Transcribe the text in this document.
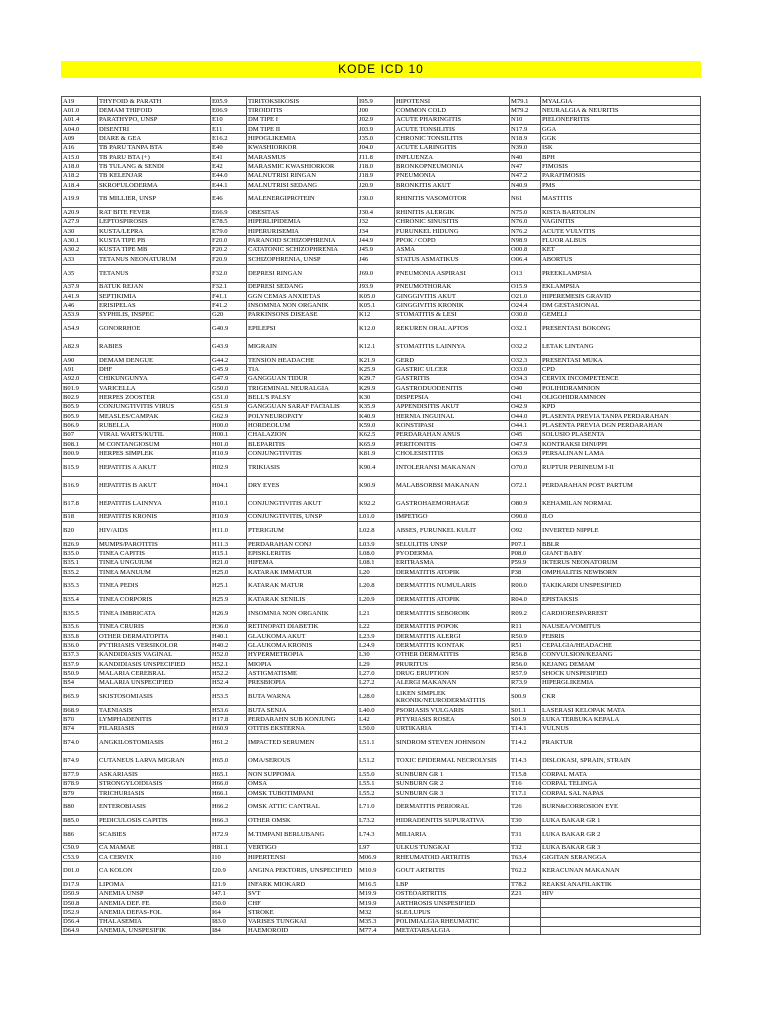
KODE ICD 10
A19	THYFOID & PARATH	E05.9	TIRITOKSIKOSIS	I95.9	HIPOTENSI	M79.1	MYALGIA
A01.0	DEMAM THIFOID	E06.9	TIROIDITIS	J00	COMMON COLD	M79.2	NEURALGIA & NEURITIS
A01.4	PARATHYPO, UNSP	E10	DM TIPE I	J02.9	ACUTE PHARINGITIS	N10	PIELONEFRITIS
A04.0	DISENTRI	E11	DM TIPE II	J03.9	ACUTE TONSILITIS	N17.9	GGA
A09	DIARE & GEA	E16.2	HIPOGLIKEMIA	J35.0	CHRONIC TONSILITIS	N18.9	GGK
A16	TB PARU TANPA BTA	E40	KWASHIORKOR	J04.0	ACUTE LARINGITIS	N39.0	ISK
A15.0	TB PARU BTA (+)	E41	MARASMUS	J11.8	INFLUENZA	N40	BPH
A18.0	TB TULANG & SENDI	E42	MARASMIC KWASHIORKOR	J18.0	BRONKOPNEUMONIA	N47	FIMOSIS
A18.2	TB KELENJAR	E44.0	MALNUTRISI RINGAN	J18.9	PNEUMONIA	N47.2	PARAFIMOSIS
A18.4	SKROFULODERMA	E44.1	MALNUTRISI SEDANG	J20.9	BRONKITIS AKUT	N40.9	PMS
A19.9	TB MILLIER, UNSP	E46	MALENERGIPROTEIN	J30.0	RHINITIS VASOMOTOR	N61	MASTITIS
A20.9	RAT BITE FEVER	E66.9	OBESITAS	J30.4	RHINITIS ALERGIK	N75.0	KISTA BARTOLIN
A27.9	LEPTOSPIROSIS	E78.5	HIPERLIPIDEMIA	J32	CHRONIC SINUSITIS	N76.0	VAGINITIS
A30	KUSTA/LEPRA	E79.0	HIPERURISEMIA	J34	FURUNKEL HIDUNG	N76.2	ACUTE VULVITIS
A30.1	KUSTA TIPE PB	F20.0	PARANOID SCHIZOPHRENIA	J44.9	PPOK / COPD	N98.9	FLUOR ALBUS
A30.2	KUSTA TIPE MB	F20.2	CATATONIC SCHIZOPHRENIA	J45.9	ASMA	O00.8	KET
A33	TETANUS NEONATURUM	F20.9	SCHIZOPHRENIA, UNSP	J46	STATUS ASMATIKUS	O06.4	ABORTUS
A35	TETANUS	F32.0	DEPRESI RINGAN	J69.0	PNEUMONIA ASPIRASI	O13	PREEKLAMPSIA
A37.9	BATUK REJAN	F32.1	DEPRESI SEDANG	J93.9	PNEUMOTHORAK	O15.9	EKLAMPSIA
A41.9	SEPTIKIMIA	F41.1	GGN CEMAS ANXIETAS	K05.0	GINGGIVITIS AKUT	O21.0	HIPEREMESIS GRAVID
A46	ERISIPELAS	F41.2	INSOMNIA NON ORGANIK	K05.1	GINGGIVITIS KRONIK	O24.4	DM GESTASIONAL
A53.9	SYPHILIS, INSPEC	G20	PARKINSONS DISEASE	K12	STOMATITIS & LESI	O30.0	GEMELI
A54.9	GONORRHOE	G40.9	EPILEPSI	K12.0	REKUREN ORAL APTOS	O32.1	PRESENTASI BOKONG
A82.9	RABIES	G43.9	MIGRAIN	K12.1	STOMATITIS LAINNYA	O32.2	LETAK LINTANG
A90	DEMAM DENGUE	G44.2	TENSION HEADACHE	K21.9	GERD	O32.3	PRESENTASI MUKA
A91	DHF	G45.9	TIA	K25.9	GASTRIC ULCER	O33.0	CPD
A92.0	CHIKUNGUNYA	G47.9	GANGGUAN TIDUR	K29.7	GASTRITIS	O34.3	CERVIX INCOMPETENCE
B01.9	VARICELLA	G50.0	TRIGEMINAL NEURALGIA	K29.9	GASTRODUODENITIS	O40	POLIHIDRAMNION
B02.9	HERPES ZOOSTER	G51.0	BELL'S PALSY	K30	DISPEPSIA	O41	OLIGOHIDRAMNION
B05.9	CONJUNGTIVITIS VIRUS	G51.9	GANGGUAN SARAF FACIALIS	K35.9	APPENDISITIS AKUT	O42.9	KPD
B05.9	MEASLES/CAMPAK	G62.9	POLYNEUROPATY	K40.9	HERNIA INGUINAL	O44.0	PLASENTA PREVIA TANPA PERDARAHAN
B06.9	RUBELLA	H00.0	HORDEOLUM	K59.0	KONSTIPASI	O44.1	PLASENTA PREVIA DGN PERDARAHAN
B07	VIRAL WARTS/KUTIL	H00.1	CHALAZION	K62.5	PERDARAHAN ANUS	O45	SOLUSIO PLASENTA
B08.1	M CONTANGIOSUM	H01.0	BLEPARITIS	K65.9	PERITONITIS	O47.9	KONTRAKSI DINI/PPI
B00.9	HERPES SIMPLEK	H10.9	CONJUNGTIVITIS	K81.9	CHOLESISTITIS	O63.9	PERSALINAN LAMA
B15.9	HEPATITIS A AKUT	H02.9	TRIKIASIS	K90.4	INTOLERANSI MAKANAN	O70.0	RUPTUR PERINEUM I-II
B16.9	HEPATITIS B AKUT	H04.1	DRY EYES	K90.9	MALABSORBSI MAKANAN	O72.1	PERDARAHAN POST PARTUM
B17.8	HEPATITIS LAINNYA	H10.1	CONJUNGTIVITIS AKUT	K92.2	GASTROHAEMORHAGE	O80.9	KEHAMILAN NORMAL
B18	HEPATITIS KRONIS	H10.9	CONJUNGTIVITIS, UNSP	L01.0	IMPETIGO	O90.0	ILO
B20	HIV/AIDS	H11.0	PTERIGIUM	L02.8	ABSES, FURUNKEL KULIT	O92	INVERTED NIPPLE
B26.9	MUMPS/PAROTITIS	H11.3	PERDARAHAN CONJ	L03.9	SELULITIS UNSP	P07.1	BBLR
B35.0	TINEA CAPITIS	H15.1	EPISKLERITIS	L08.0	PYODERMA	P08.0	GIANT BABY
B35.1	TINEA UNGUIUM	H21.0	HIFEMA	L08.1	ERITRASMA	P59.9	IKTERUS NEONATORUM
B35.2	TINEA MANUUM	H25.0	KATARAK IMMATUR	L20	DERMATITIS ATOPIK	P38	OMPHALITIS NEWBORN
B35.3	TINEA PEDIS	H25.1	KATARAK MATUR	L20.8	DERMATITIS NUMULARIS	R00.0	TAKIKARDI UNSPESIFIED
B35.4	TINEA CORPORIS	H25.9	KATARAK SENILIS	L20.9	DERMATITIS ATOPIK	R04.0	EPISTAKSIS
B35.5	TINEA IMBRICATA	H26.9	INSOMNIA NON ORGANIK	L21	DERMATITIS SEBOROIK	R09.2	CARDIORESPARREST
B35.6	TINEA CRURIS	H36.0	RETINOPATI DIABETIK	L22	DERMATITIS POPOK	R11	NAUSEA/VOMITUS
B35.8	OTHER DERMATOPITA	H40.1	GLAUKOMA AKUT	L23.9	DERMATITIS ALERGI	R50.9	FEBRIS
B36.0	PYTIRIASIS VERSIKOLOR	H40.2	GLAUKOMA KRONIS	L24.9	DERMATITIS KONTAK	R51	CEPALGIA/HEADACHE
B37.3	KANDIDIASIS VAGINAL	H52.0	HYPERMETROPIA	L30	OTHER DERMATITIS	R56.8	CONVULSION/KEJANG
B37.9	KANDIDIASIS UNSPECIFIED	H52.1	MIOPIA	L29	PRURITUS	R56.0	KEJANG DEMAM
B50.9	MALARIA CEREBRAL	H52.2	ASTIGMATISME	L27.0	DRUG ERUPTION	R57.9	SHOCK UNSPESIFIED
B54	MALARIA UNSPECIFIED	H52.4	PRESBIOPIA	L27.2	ALERGI MAKANAN	R73.9	HIPERGLIKEMIA
B65.9	SKISTOSOMIASIS	H53.5	BUTA WARNA	L28.0	LIKEN SIMPLEK KRONIK/NEURODERMATITIS	S00.9	CKR
B68.9	TAENIASIS	H53.6	BUTA SENJA	L40.0	PSORIASIS VULGARIS	S01.1	LASERASI KELOPAK MATA
B70	LYMPHADENITIS	H17.8	PERDARAHN SUB KONJUNG	L42	PITYRIASIS ROSEA	S01.9	LUKA TERBUKA KEPALA
B74	FILARIASIS	H60.9	OTITIS EKSTERNA	L50.0	URTIKARIA	T14.1	VULNUS
B74.0	ANGKILOSTOMIASIS	H61.2	IMPACTED SERUMEN	L51.1	SINDROM STEVEN JOHNSON	T14.2	FRAKTUR
B74.9	CUTANEUS LARVA MIGRAN	H65.0	OMA/SEROUS	L51.2	TOXIC EPIDERMAL NECROLYSIS	T14.3	DISLOKASI, SPRAIN, STRAIN
B77.9	ASKARIASIS	H65.1	NON SUPPOMA	L55.0	SUNBURN GR 1	T15.8	CORPAL MATA
B78.9	STRONGYLOIDIASIS	H66.0	OMSA	L55.1	SUNBURN GR 2	T16	CORPAL TELINGA
B79	TRICHURIASIS	H66.1	OMSK TUBOTIMPANI	L55.2	SUNBURN GR 3	T17.1	CORPAL SAL NAPAS
B80	ENTEROBIASIS	H66.2	OMSK ATTIC CANTRAL	L71.0	DERMATITIS PERIORAL	T26	BURN&CORROSION EYE
B85.0	PEDICULOSIS CAPITIS	H66.3	OTHER OMSK	L73.2	HIDRADENITIS SUPURATIVA	T30	LUKA BAKAR GR 1
B86	SCABIES	H72.9	M.TIMPANI BERLUBANG	L74.3	MILIARIA	T31	LUKA BAKAR GR 2
C50.9	CA MAMAE	H81.1	VERTIGO	L97	ULKUS TUNGKAI	T32	LUKA BAKAR GR 3
C53.9	CA CERVIX	I10	HIPERTENSI	M06.9	RHEUMATOID ARTRITIS	T63.4	GIGITAN SERANGGA
D01.0	CA KOLON	I20.9	ANGINA PEKTORIS, UNSPECIFIED	M10.9	GOUT ARTRITIS	T62.2	KERACUNAN MAKANAN
D17.9	LIPOMA	I21.9	INFARK MIOKARD	M16.5	LBP	T78.2	REAKSI ANAFILAKTIK
D50.9	ANEMIA UNSP	I47.1	SVT	M19.9	OSTEOARTRITIS	Z21	HIV
D50.8	ANEMIA DEF. FE	I50.0	CHF	M19.9	ARTHROSIS UNSPESIFIED
D52.9	ANEMIA DEFAS-FOL	I64	STROKE	M32	SLE/LUPUS
D56.4	THALASEMIA	I83.0	VARISES TUNGKAI	M35.3	POLIMIALGIA RHEUMATIC
D64.9	ANEMIA, UNSPESIFIK	I84	HAEMOROID	M77.4	METATARSALGIA
